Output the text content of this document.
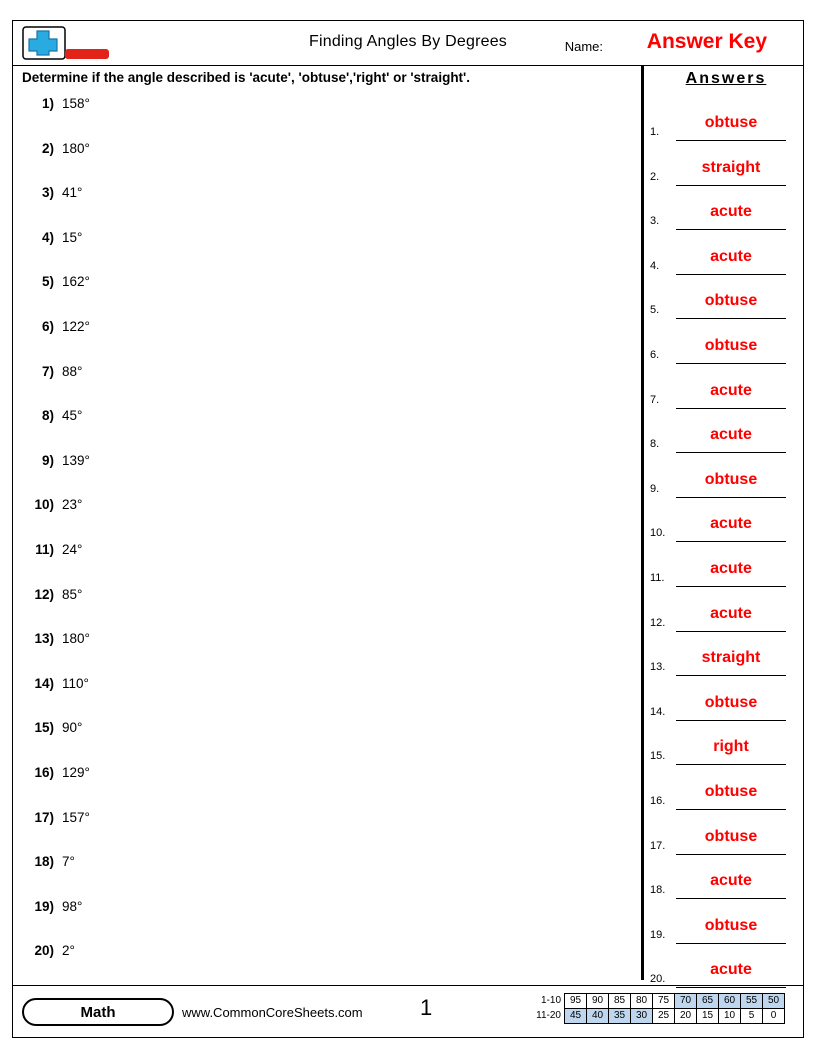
Finding Angles By Degrees	Name: Answer Key
Determine if the angle described is 'acute', 'obtuse','right' or 'straight'.
1) 158°
2) 180°
3) 41°
4) 15°
5) 162°
6) 122°
7) 88°
8) 45°
9) 139°
10) 23°
11) 24°
12) 85°
13) 180°
14) 110°
15) 90°
16) 129°
17) 157°
18) 7°
19) 98°
20) 2°
Answers
1.
obtuse
2.
straight
3.
acute
4.
acute
5.
obtuse
6.
obtuse
7.
acute
8.
acute
9.
obtuse
10.
acute
11.
acute
12.
acute
13.
straight
14.
obtuse
15.
right
16.
obtuse
17.
obtuse
18.
acute
19.
obtuse
20.
acute
Math	www.CommonCoreSheets.com	1	1-10	95	90	85	80	75	70	65	60	55	50
11-20	45	40	35	30	25	20	15	10	5	0
